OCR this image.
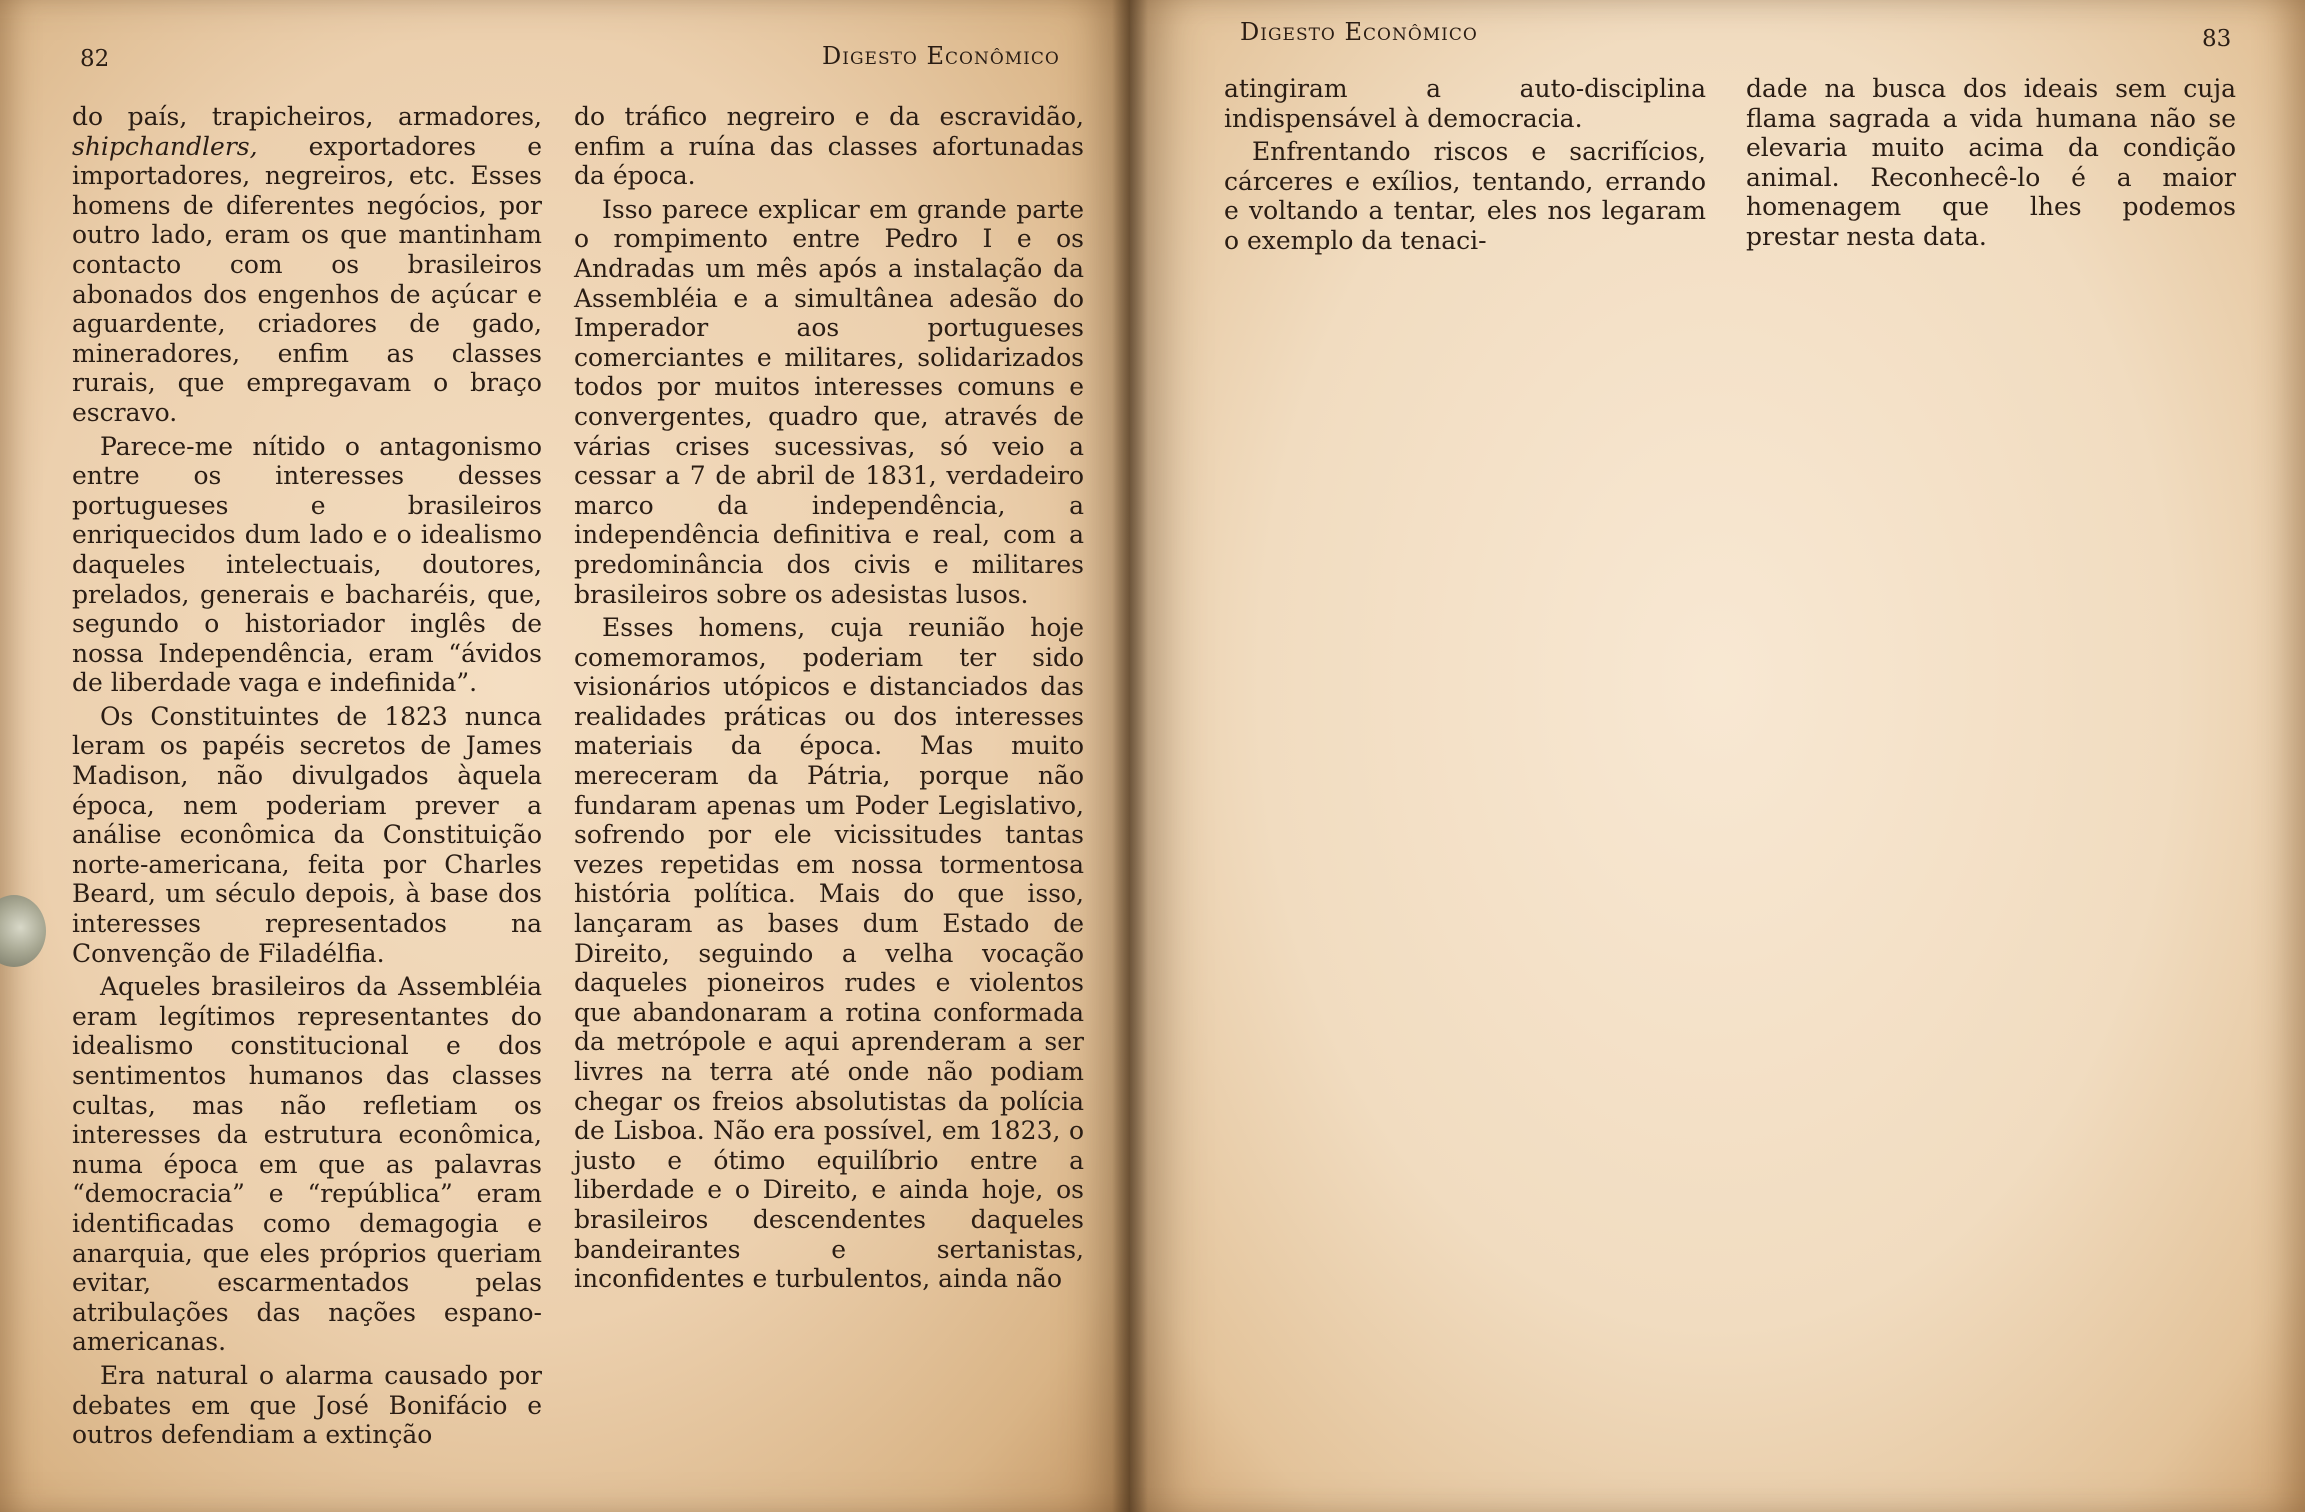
82	Digesto Econômico

do país, trapicheiros, armadores, shipchandlers, exportadores e importadores, negreiros, etc. Esses homens de diferentes negócios, por outro lado, eram os que mantinham contacto com os brasileiros abonados dos engenhos de açúcar e aguardente, criadores de gado, mineradores, enfim as classes rurais, que empregavam o braço escravo.

Parece-me nítido o antagonismo entre os interesses desses portugueses e brasileiros enriquecidos dum lado e o idealismo daqueles intelectuais, doutores, prelados, generais e bacharéis, que, segundo o historiador inglês de nossa Independência, eram “ávidos de liberdade vaga e indefinida”.

Os Constituintes de 1823 nunca leram os papéis secretos de James Madison, não divulgados àquela época, nem poderiam prever a análise econômica da Constituição norte-americana, feita por Charles Beard, um século depois, à base dos interesses representados na Convenção de Filadélfia.

Aqueles brasileiros da Assembléia eram legítimos representantes do idealismo constitucional e dos sentimentos humanos das classes cultas, mas não refletiam os interesses da estrutura econômica, numa época em que as palavras “democracia” e “república” eram identificadas como demagogia e anarquia, que eles próprios queriam evitar, escarmentados pelas atribulações das nações espano-americanas.

Era natural o alarma causado por debates em que José Bonifácio e outros defendiam a extinção

do tráfico negreiro e da escravidão, enfim a ruína das classes afortunadas da época.

Isso parece explicar em grande parte o rompimento entre Pedro I e os Andradas um mês após a instalação da Assembléia e a simultânea adesão do Imperador aos portugueses comerciantes e militares, solidarizados todos por muitos interesses comuns e convergentes, quadro que, através de várias crises sucessivas, só veio a cessar a 7 de abril de 1831, verdadeiro marco da independência, a independência definitiva e real, com a predominância dos civis e militares brasileiros sobre os adesistas lusos.

Esses homens, cuja reunião hoje comemoramos, poderiam ter sido visionários utópicos e distanciados das realidades práticas ou dos interesses materiais da época. Mas muito mereceram da Pátria, porque não fundaram apenas um Poder Legislativo, sofrendo por ele vicissitudes tantas vezes repetidas em nossa tormentosa história política. Mais do que isso, lançaram as bases dum Estado de Direito, seguindo a velha vocação daqueles pioneiros rudes e violentos que abandonaram a rotina conformada da metrópole e aqui aprenderam a ser livres na terra até onde não podiam chegar os freios absolutistas da polícia de Lisboa. Não era possível, em 1823, o justo e ótimo equilíbrio entre a liberdade e o Direito, e ainda hoje, os brasileiros descendentes daqueles bandeirantes e sertanistas, inconfidentes e turbulentos, ainda não

Digesto Econômico	83

atingiram a auto-disciplina indispensável à democracia.

Enfrentando riscos e sacrifícios, cárceres e exílios, tentando, errando e voltando a tentar, eles nos legaram o exemplo da tenaci-

dade na busca dos ideais sem cuja flama sagrada a vida humana não se elevaria muito acima da condição animal. Reconhecê-lo é a maior homenagem que lhes podemos prestar nesta data.
